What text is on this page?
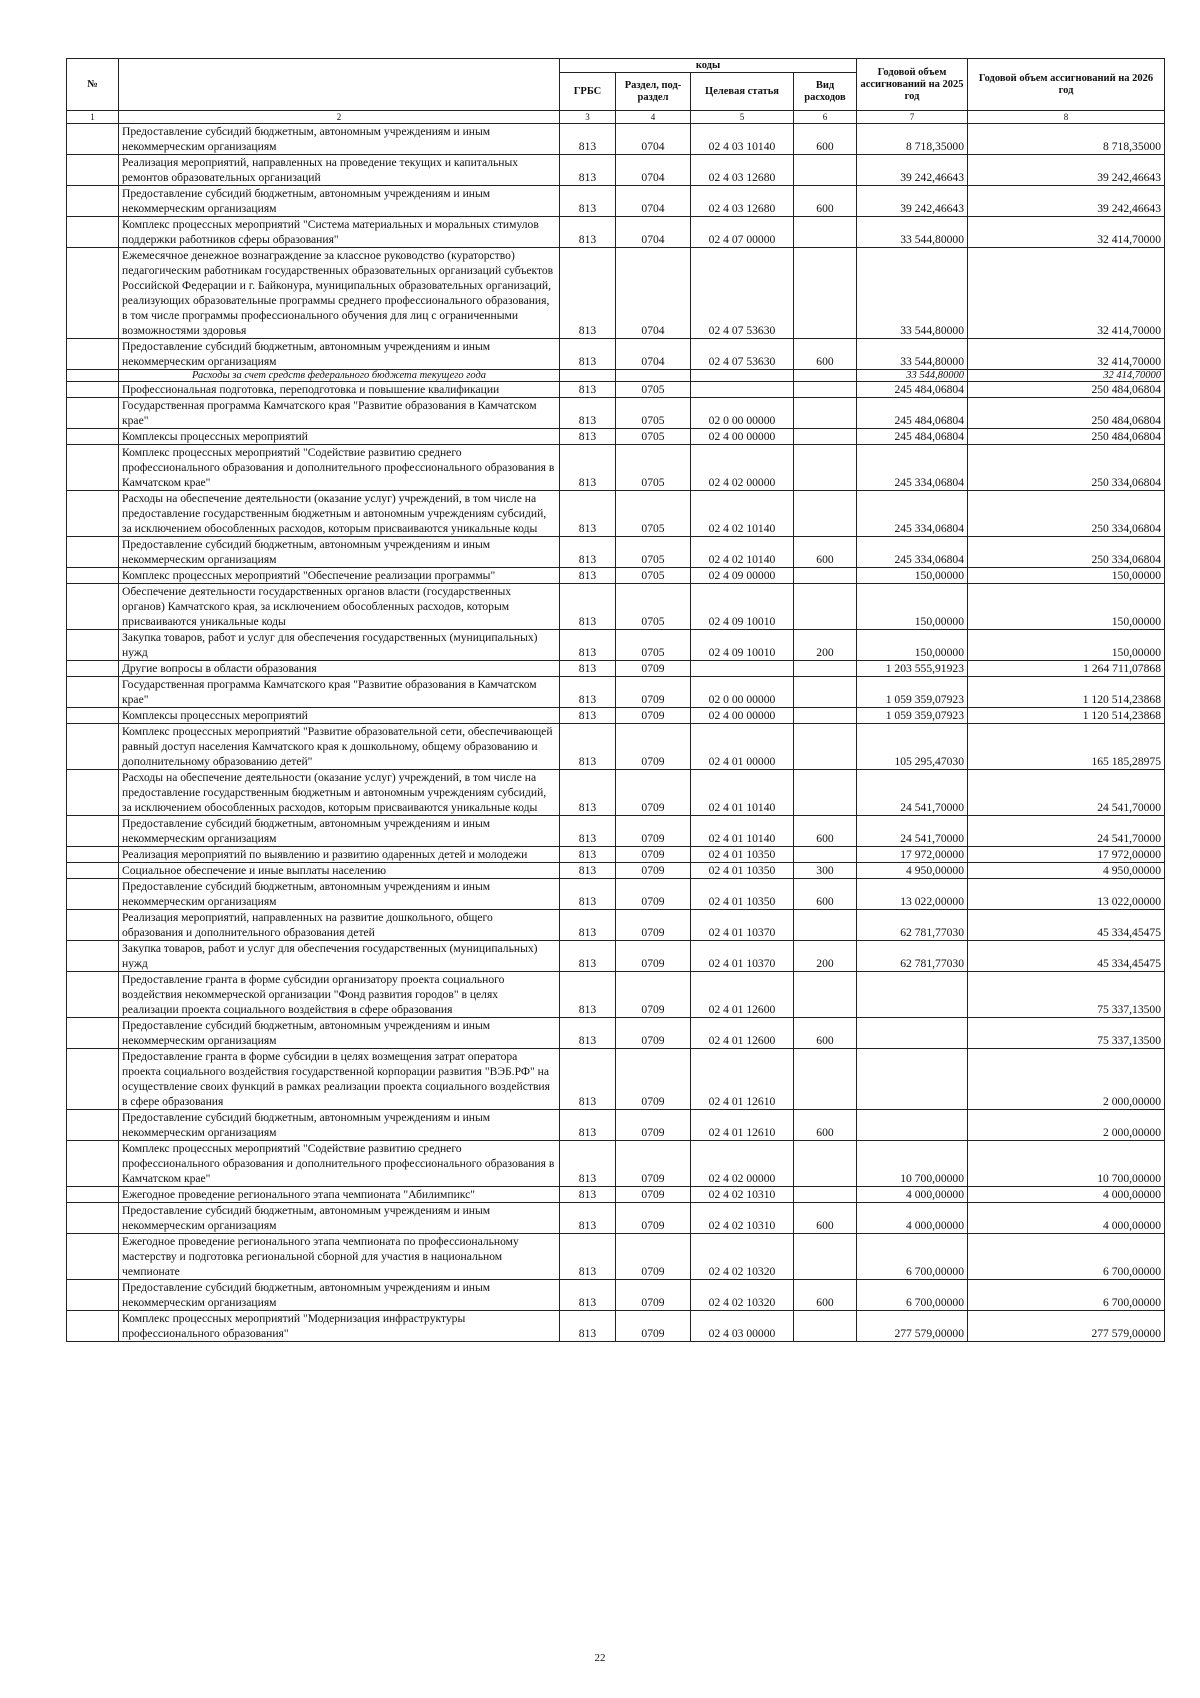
№		коды				Годовой объем ассигнований на 2025 год	Годовой объем ассигнований на 2026 год
		ГРБС	Раздел, под-раздел	Целевая статья	Вид расходов		
1	2	3	4	5	6	7	8
	Предоставление субсидий бюджетным, автономным учреждениям и иным некоммерческим организациям	813	0704	02 4 03 10140	600	8 718,35000	8 718,35000
	Реализация мероприятий, направленных на проведение текущих и капитальных ремонтов образовательных организаций	813	0704	02 4 03 12680		39 242,46643	39 242,46643
	Предоставление субсидий бюджетным, автономным учреждениям и иным некоммерческим организациям	813	0704	02 4 03 12680	600	39 242,46643	39 242,46643
	Комплекс процессных мероприятий "Система материальных и моральных стимулов поддержки работников сферы образования"	813	0704	02 4 07 00000		33 544,80000	32 414,70000
	Ежемесячное денежное вознаграждение за классное руководство (кураторство) педагогическим работникам государственных образовательных организаций субъектов Российской Федерации и г. Байконура, муниципальных образовательных организаций, реализующих образовательные программы среднего профессионального образования, в том числе программы профессионального обучения для лиц с ограниченными возможностями здоровья	813	0704	02 4 07 53630		33 544,80000	32 414,70000
	Предоставление субсидий бюджетным, автономным учреждениям и иным некоммерческим организациям	813	0704	02 4 07 53630	600	33 544,80000	32 414,70000
	Расходы за счет средств федерального бюджета текущего года					33 544,80000	32 414,70000
	Профессиональная подготовка, переподготовка и повышение квалификации	813	0705			245 484,06804	250 484,06804
	Государственная программа Камчатского края "Развитие образования в Камчатском крае"	813	0705	02 0 00 00000		245 484,06804	250 484,06804
	Комплексы процессных мероприятий	813	0705	02 4 00 00000		245 484,06804	250 484,06804
	Комплекс процессных мероприятий "Содействие развитию среднего профессионального образования и дополнительного профессионального образования в Камчатском крае"	813	0705	02 4 02 00000		245 334,06804	250 334,06804
	Расходы на обеспечение деятельности (оказание услуг) учреждений, в том числе на предоставление государственным бюджетным и автономным учреждениям субсидий, за исключением обособленных расходов, которым присваиваются уникальные коды	813	0705	02 4 02 10140		245 334,06804	250 334,06804
	Предоставление субсидий бюджетным, автономным учреждениям и иным некоммерческим организациям	813	0705	02 4 02 10140	600	245 334,06804	250 334,06804
	Комплекс процессных мероприятий "Обеспечение реализации программы"	813	0705	02 4 09 00000		150,00000	150,00000
	Обеспечение деятельности государственных органов власти (государственных органов) Камчатского края, за исключением обособленных расходов, которым присваиваются уникальные коды	813	0705	02 4 09 10010		150,00000	150,00000
	Закупка товаров, работ и услуг для обеспечения государственных (муниципальных) нужд	813	0705	02 4 09 10010	200	150,00000	150,00000
	Другие вопросы в области образования	813	0709			1 203 555,91923	1 264 711,07868
	Государственная программа Камчатского края "Развитие образования в Камчатском крае"	813	0709	02 0 00 00000		1 059 359,07923	1 120 514,23868
	Комплексы процессных мероприятий	813	0709	02 4 00 00000		1 059 359,07923	1 120 514,23868
	Комплекс процессных мероприятий "Развитие образовательной сети, обеспечивающей равный доступ населения Камчатского края к дошкольному, общему образованию и дополнительному образованию детей"	813	0709	02 4 01 00000		105 295,47030	165 185,28975
	Расходы на обеспечение деятельности (оказание услуг) учреждений, в том числе на предоставление государственным бюджетным и автономным учреждениям субсидий, за исключением обособленных расходов, которым присваиваются уникальные коды	813	0709	02 4 01 10140		24 541,70000	24 541,70000
	Предоставление субсидий бюджетным, автономным учреждениям и иным некоммерческим организациям	813	0709	02 4 01 10140	600	24 541,70000	24 541,70000
	Реализация мероприятий по выявлению и развитию одаренных детей и молодежи	813	0709	02 4 01 10350		17 972,00000	17 972,00000
	Социальное обеспечение и иные выплаты населению	813	0709	02 4 01 10350	300	4 950,00000	4 950,00000
	Предоставление субсидий бюджетным, автономным учреждениям и иным некоммерческим организациям	813	0709	02 4 01 10350	600	13 022,00000	13 022,00000
	Реализация мероприятий, направленных на развитие дошкольного, общего образования и дополнительного образования детей	813	0709	02 4 01 10370		62 781,77030	45 334,45475
	Закупка товаров, работ и услуг для обеспечения государственных (муниципальных) нужд	813	0709	02 4 01 10370	200	62 781,77030	45 334,45475
	Предоставление гранта в форме субсидии организатору проекта социального воздействия некоммерческой организации "Фонд развития городов" в целях реализации проекта социального воздействия в сфере образования	813	0709	02 4 01 12600			75 337,13500
	Предоставление субсидий бюджетным, автономным учреждениям и иным некоммерческим организациям	813	0709	02 4 01 12600	600		75 337,13500
	Предоставление гранта в форме субсидии в целях возмещения затрат оператора проекта социального воздействия государственной корпорации развития "ВЭБ.РФ" на осуществление своих функций в рамках реализации проекта социального воздействия в сфере образования	813	0709	02 4 01 12610			2 000,00000
	Предоставление субсидий бюджетным, автономным учреждениям и иным некоммерческим организациям	813	0709	02 4 01 12610	600		2 000,00000
	Комплекс процессных мероприятий "Содействие развитию среднего профессионального образования и дополнительного профессионального образования в Камчатском крае"	813	0709	02 4 02 00000		10 700,00000	10 700,00000
	Ежегодное проведение регионального этапа чемпионата "Абилимпикс"	813	0709	02 4 02 10310		4 000,00000	4 000,00000
	Предоставление субсидий бюджетным, автономным учреждениям и иным некоммерческим организациям	813	0709	02 4 02 10310	600	4 000,00000	4 000,00000
	Ежегодное проведение регионального этапа чемпионата по профессиональному мастерству и подготовка региональной сборной для участия в национальном чемпионате	813	0709	02 4 02 10320		6 700,00000	6 700,00000
	Предоставление субсидий бюджетным, автономным учреждениям и иным некоммерческим организациям	813	0709	02 4 02 10320	600	6 700,00000	6 700,00000
	Комплекс процессных мероприятий "Модернизация инфраструктуры профессионального образования"	813	0709	02 4 03 00000		277 579,00000	277 579,00000
22
